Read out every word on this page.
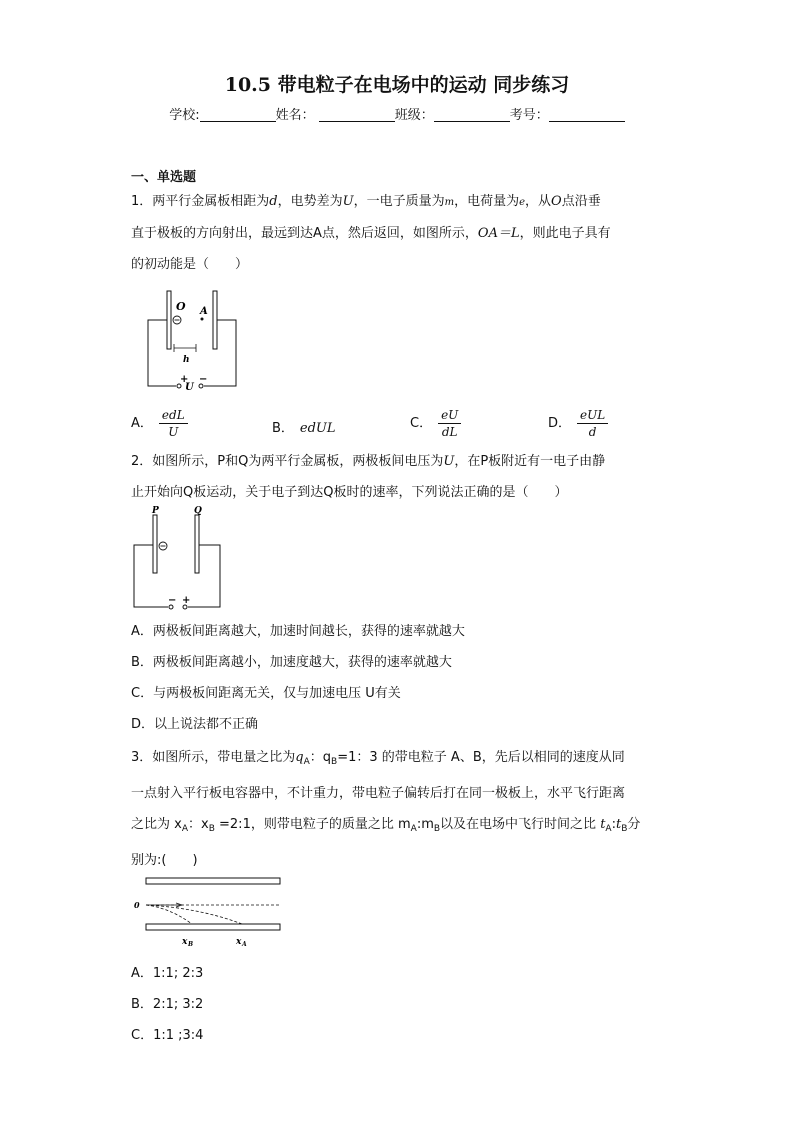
10.5 带电粒子在电场中的运动 同步练习
学校:	姓名：	班级：	考号：
一、单选题
1．两平行金属板相距为d，电势差为U，一电子质量为m，电荷量为e，从O点沿垂
直于极板的方向射出，最远到达A点，然后返回，如图所示，OA＝L，则此电子具有
的初动能是（　　）
O A
h
+ −
U
A． $\frac{\text{edL}}{U}$	B． edUL	C． $\frac{eU}{dL}$	D． $\frac{\text{eUL}}{d}$
2．如图所示，P和Q为两平行金属板，两极板间电压为U，在P板附近有一电子由静
止开始向Q板运动，关于电子到达Q板时的速率，下列说法正确的是（　　）
P	Q
− +
A．两极板间距离越大，加速时间越长，获得的速率就越大
B．两极板间距离越小，加速度越大，获得的速率就越大
C．与两极板间距离无关，仅与加速电压 U有关
D．以上说法都不正确
3．如图所示，带电量之比为$q_A$：$q_B=1$：3 的带电粒子 A、B，先后以相同的速度从同
一点射入平行板电容器中，不计重力，带电粒子偏转后打在同一极板上，水平飞行距离
之比为 $x_A$：$x_B$ =2:1，则带电粒子的质量之比 $m_A:m_B$以及在电场中飞行时间之比 $t_A:t_B$分
别为:(　　)
0
x B	x A
A．1:1; 2:3
B．2:1; 3:2
C．1:1 ;3:4
